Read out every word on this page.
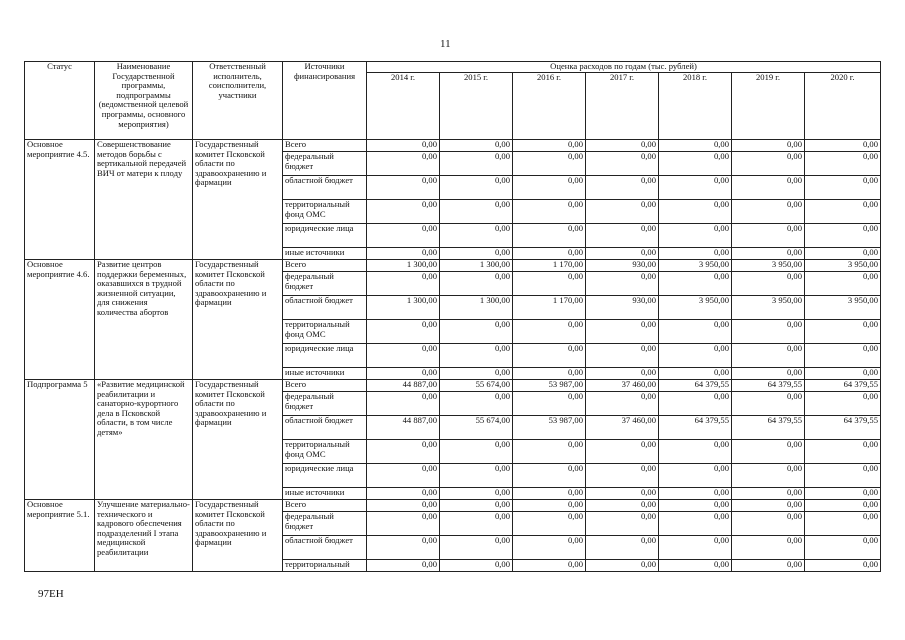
11
Статус	Наименование Государственной программы, подпрограммы (ведомственной целевой программы, основного мероприятия)	Ответственный исполнитель, соисполнители, участники	Источники финансирования	Оценка расходов по годам (тыс. рублей)						
				2014 г.	2015 г.	2016 г.	2017 г.	2018 г.	2019 г.	2020 г.
Основное мероприятие 4.5.	Совершенствование методов борьбы с вертикальной передачей ВИЧ от матери к плоду	Государственный комитет Псковской области по здравоохранению и фармации	Всего	0,00	0,00	0,00	0,00	0,00	0,00	0,00
			федеральный бюджет	0,00	0,00	0,00	0,00	0,00	0,00	0,00
			областной бюджет	0,00	0,00	0,00	0,00	0,00	0,00	0,00
			территориальный фонд ОМС	0,00	0,00	0,00	0,00	0,00	0,00	0,00
			юридические лица	0,00	0,00	0,00	0,00	0,00	0,00	0,00
			иные источники	0,00	0,00	0,00	0,00	0,00	0,00	0,00
Основное мероприятие 4.6.	Развитие центров поддержки беременных, оказавшихся в трудной жизненной ситуации, для снижения количества абортов	Государственный комитет Псковской области по здравоохранению и фармации	Всего	1 300,00	1 300,00	1 170,00	930,00	3 950,00	3 950,00	3 950,00
			федеральный бюджет	0,00	0,00	0,00	0,00	0,00	0,00	0,00
			областной бюджет	1 300,00	1 300,00	1 170,00	930,00	3 950,00	3 950,00	3 950,00
			территориальный фонд ОМС	0,00	0,00	0,00	0,00	0,00	0,00	0,00
			юридические лица	0,00	0,00	0,00	0,00	0,00	0,00	0,00
			иные источники	0,00	0,00	0,00	0,00	0,00	0,00	0,00
Подпрограмма 5	«Развитие медицинской реабилитации и санаторно-курортного дела в Псковской области, в том числе детям»	Государственный комитет Псковской области по здравоохранению и фармации	Всего	44 887,00	55 674,00	53 987,00	37 460,00	64 379,55	64 379,55	64 379,55
			федеральный бюджет	0,00	0,00	0,00	0,00	0,00	0,00	0,00
			областной бюджет	44 887,00	55 674,00	53 987,00	37 460,00	64 379,55	64 379,55	64 379,55
			территориальный фонд ОМС	0,00	0,00	0,00	0,00	0,00	0,00	0,00
			юридические лица	0,00	0,00	0,00	0,00	0,00	0,00	0,00
			иные источники	0,00	0,00	0,00	0,00	0,00	0,00	0,00
Основное мероприятие 5.1.	Улучшение материально-технического и кадрового обеспечения подразделений I этапа медицинской реабилитации	Государственный комитет Псковской области по здравоохранению и фармации	Всего	0,00	0,00	0,00	0,00	0,00	0,00	0,00
			федеральный бюджет	0,00	0,00	0,00	0,00	0,00	0,00	0,00
			областной бюджет	0,00	0,00	0,00	0,00	0,00	0,00	0,00
			территориальный	0,00	0,00	0,00	0,00	0,00	0,00	0,00
97EH
